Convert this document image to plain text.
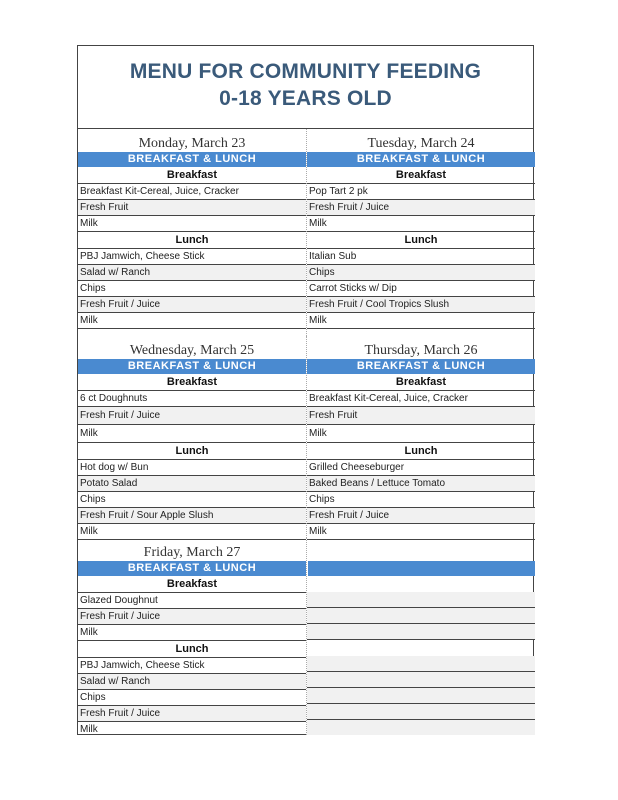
MENU FOR COMMUNITY FEEDING
0-18 YEARS OLD
Monday, March 23
BREAKFAST & LUNCH
Breakfast
Breakfast Kit-Cereal, Juice, Cracker
Fresh Fruit
Milk
Lunch
PBJ Jamwich, Cheese Stick
Salad w/ Ranch
Chips
Fresh Fruit / Juice
Milk
Tuesday, March 24
BREAKFAST & LUNCH
Breakfast
Pop Tart 2 pk
Fresh Fruit / Juice
Milk
Lunch
Italian Sub
Chips
Carrot Sticks w/ Dip
Fresh Fruit / Cool Tropics Slush
Milk
Wednesday, March 25
BREAKFAST & LUNCH
Breakfast
6 ct Doughnuts
Fresh Fruit / Juice
Milk
Lunch
Hot dog w/ Bun
Potato Salad
Chips
Fresh Fruit / Sour Apple Slush
Milk
Thursday, March 26
BREAKFAST & LUNCH
Breakfast
Breakfast Kit-Cereal, Juice, Cracker
Fresh Fruit
Milk
Lunch
Grilled Cheeseburger
Baked Beans / Lettuce Tomato
Chips
Fresh Fruit / Juice
Milk
Friday, March 27
BREAKFAST & LUNCH
Breakfast
Glazed Doughnut
Fresh Fruit / Juice
Milk
Lunch
PBJ Jamwich, Cheese Stick
Salad w/ Ranch
Chips
Fresh Fruit / Juice
Milk
